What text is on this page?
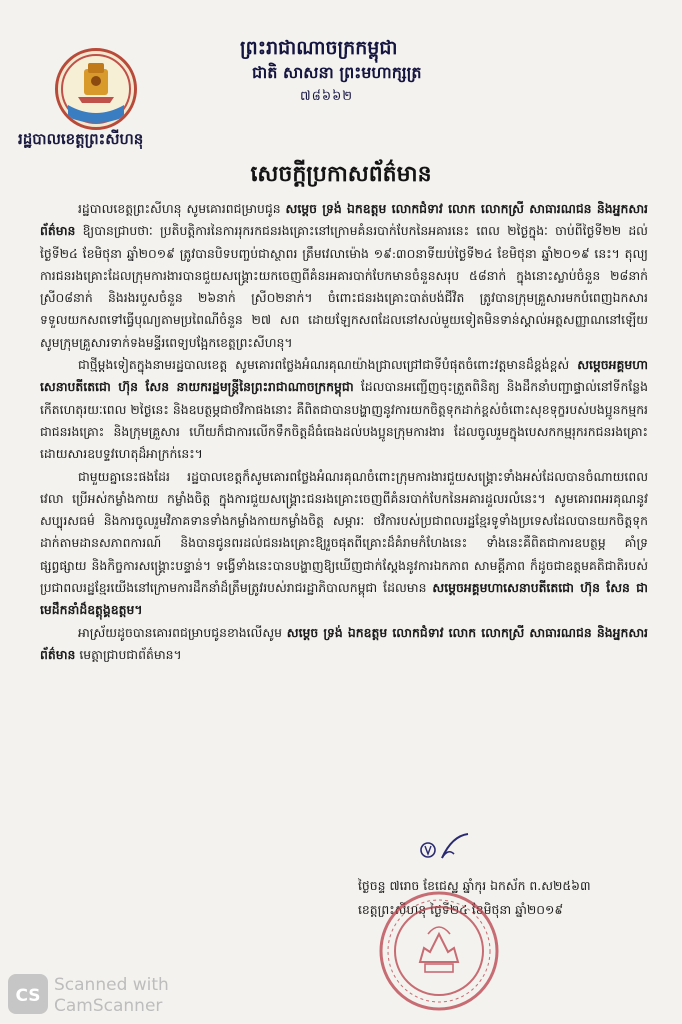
រដ្ឋបាលខេត្តព្រះសីហនុ
ព្រះរាជាណាចក្រកម្ពុជា
ជាតិ សាសនា ព្រះមហាក្សត្រ
៧៨៦៦២
សេចក្តីប្រកាសព័ត៌មាន

រដ្ឋបាលខេត្តព្រះសីហនុ សូមគោរពជម្រាបជូន សម្តេច ទ្រង់ ឯកឧត្តម លោកជំទាវ លោក លោកស្រី សាធារណជន និងអ្នកសារព័ត៌មាន ឱ្យបានជ្រាបថាៈ ប្រតិបត្តិការនៃការរុករកជនរងគ្រោះនៅក្រោមគំនរបាក់បែកនៃអគារនេះ ពេល ២ថ្ងៃក្នុងៈ ចាប់ពីថ្ងៃទី២២ ដល់ថ្ងៃទី២៤ ខែមិថុនា ឆ្នាំ២០១៩ ត្រូវបានបិទបញ្ចប់ជាស្ថាពរ ត្រឹមវេលាម៉ោង ១៩:៣០នាទីយប់ថ្ងៃទី២៤ ខែមិថុនា ឆ្នាំ២០១៩ នេះ។ តុល្យការជនរងគ្រោះដែលក្រុមការងារបានជួយសង្គ្រោះយកចេញពីគំនរអគារបាក់បែកមានចំនួនសរុប ៥៨នាក់ ក្នុងនោះស្លាប់ចំនួន ២៨នាក់ ស្រី០៨នាក់ និងរងរបួសចំនួន ២៦នាក់ ស្រី០២នាក់។ ចំពោះជនរងគ្រោះបាត់បង់ជីវិត ត្រូវបានក្រុមគ្រួសារមកបំពេញឯកសារទទួលយកសពទៅធ្វើបុណ្យតាមប្រពៃណីចំនួន ២៧ សព ដោយឡែកសពដែលនៅសល់មួយទៀតមិនទាន់ស្គាល់អត្តសញ្ញាណនៅឡើយ សូមក្រុមគ្រួសារទាក់ទងមន្ទីរពេទ្យបង្អែកខេត្តព្រះសីហនុ។

ជាថ្មីម្តងទៀតក្នុងនាមរដ្ឋបាលខេត្ត សូមគោរពថ្លែងអំណរគុណយ៉ាងជ្រាលជ្រៅជាទីបំផុតចំពោះវត្តមានដ៏ខ្ពង់ខ្ពស់ សម្តេចអគ្គមហាសេនាបតីតេជោ ហ៊ុន សែន នាយករដ្ឋមន្ត្រីនៃព្រះរាជាណាចក្រកម្ពុជា ដែលបានអញ្ជើញចុះត្រួតពិនិត្យ និងដឹកនាំបញ្ជាផ្ទាល់នៅទីកន្លែងកើតហេតុរយៈពេល ២ថ្ងៃនេះ និងឧបត្ថម្ភជាថវិកាផងនោះ គឺពិតជាបានបង្ហាញនូវការយកចិត្តទុកដាក់ខ្ពស់ចំពោះសុខទុក្ខរបស់បងប្អូនកម្មករជាជនរងគ្រោះ និងក្រុមគ្រួសារ ហើយក៏ជាការលើកទឹកចិត្តដ៏ធំធេងដល់បងប្អូនក្រុមការងារ ដែលចូលរួមក្នុងបេសកកម្មរុករកជនរងគ្រោះដោយសារឧបទ្ទវហេតុដ៏អាក្រក់នេះ។

ជាមួយគ្នានេះផងដែរ រដ្ឋបាលខេត្តក៏សូមគោរពថ្លែងអំណរគុណចំពោះក្រុមការងារជួយសង្គ្រោះទាំងអស់ដែលបានចំណាយពេលវេលា ប្រើអស់កម្លាំងកាយ កម្លាំងចិត្ត ក្នុងការជួយសង្គ្រោះជនរងគ្រោះចេញពីគំនរបាក់បែកនៃអគារដួលរលំនេះ។ សូមគោរពអរគុណនូវសប្បុរសធម៌ និងការចូលរួមវិភាគទានទាំងកម្លាំងកាយកម្លាំងចិត្ត សម្ភារៈ ថវិការបស់ប្រជាពលរដ្ឋខ្មែរទូទាំងប្រទេសដែលបានយកចិត្តទុកដាក់តាមដានសភាពការណ៍ និងបានជូនពរដល់ជនរងគ្រោះឱ្យរួចផុតពីគ្រោះដ៏គំរាមកំហែងនេះ ទាំងនេះគឺពិតជាការឧបត្ថម្ភ គាំទ្រ ផ្សព្វផ្សាយ និងកិច្ចការសង្គ្រោះបន្ទាន់។ ទង្វើទាំងនេះបានបង្ហាញឱ្យឃើញជាក់ស្តែងនូវការឯកភាព សាមគ្គីភាព ក៏ដូចជាឧត្តមគតិជាតិរបស់ប្រជាពលរដ្ឋខ្មែរយើងនៅក្រោមការដឹកនាំដ៏ត្រឹមត្រូវរបស់រាជរដ្ឋាភិបាលកម្ពុជា ដែលមាន សម្តេចអគ្គមហាសេនាបតីតេជោ ហ៊ុន សែន ជាមេដឹកនាំដ៏ឧត្តុង្គឧត្តម។

អាស្រ័យដូចបានគោរពជម្រាបជូនខាងលើសូម សម្តេច ទ្រង់ ឯកឧត្តម លោកជំទាវ លោក លោកស្រី សាធារណជន និងអ្នកសារព័ត៌មាន មេត្តាជ្រាបជាព័ត៌មាន។

ថ្ងៃចន្ទ ៧រោច ខែជេស្ឋ ឆ្នាំកុរ ឯកស័ក ព.ស២៥៦៣
ខេត្តព្រះសីហនុ ថ្ងៃទី២៤ ខែមិថុនា ឆ្នាំ២០១៩
CS
Scanned with
CamScanner
